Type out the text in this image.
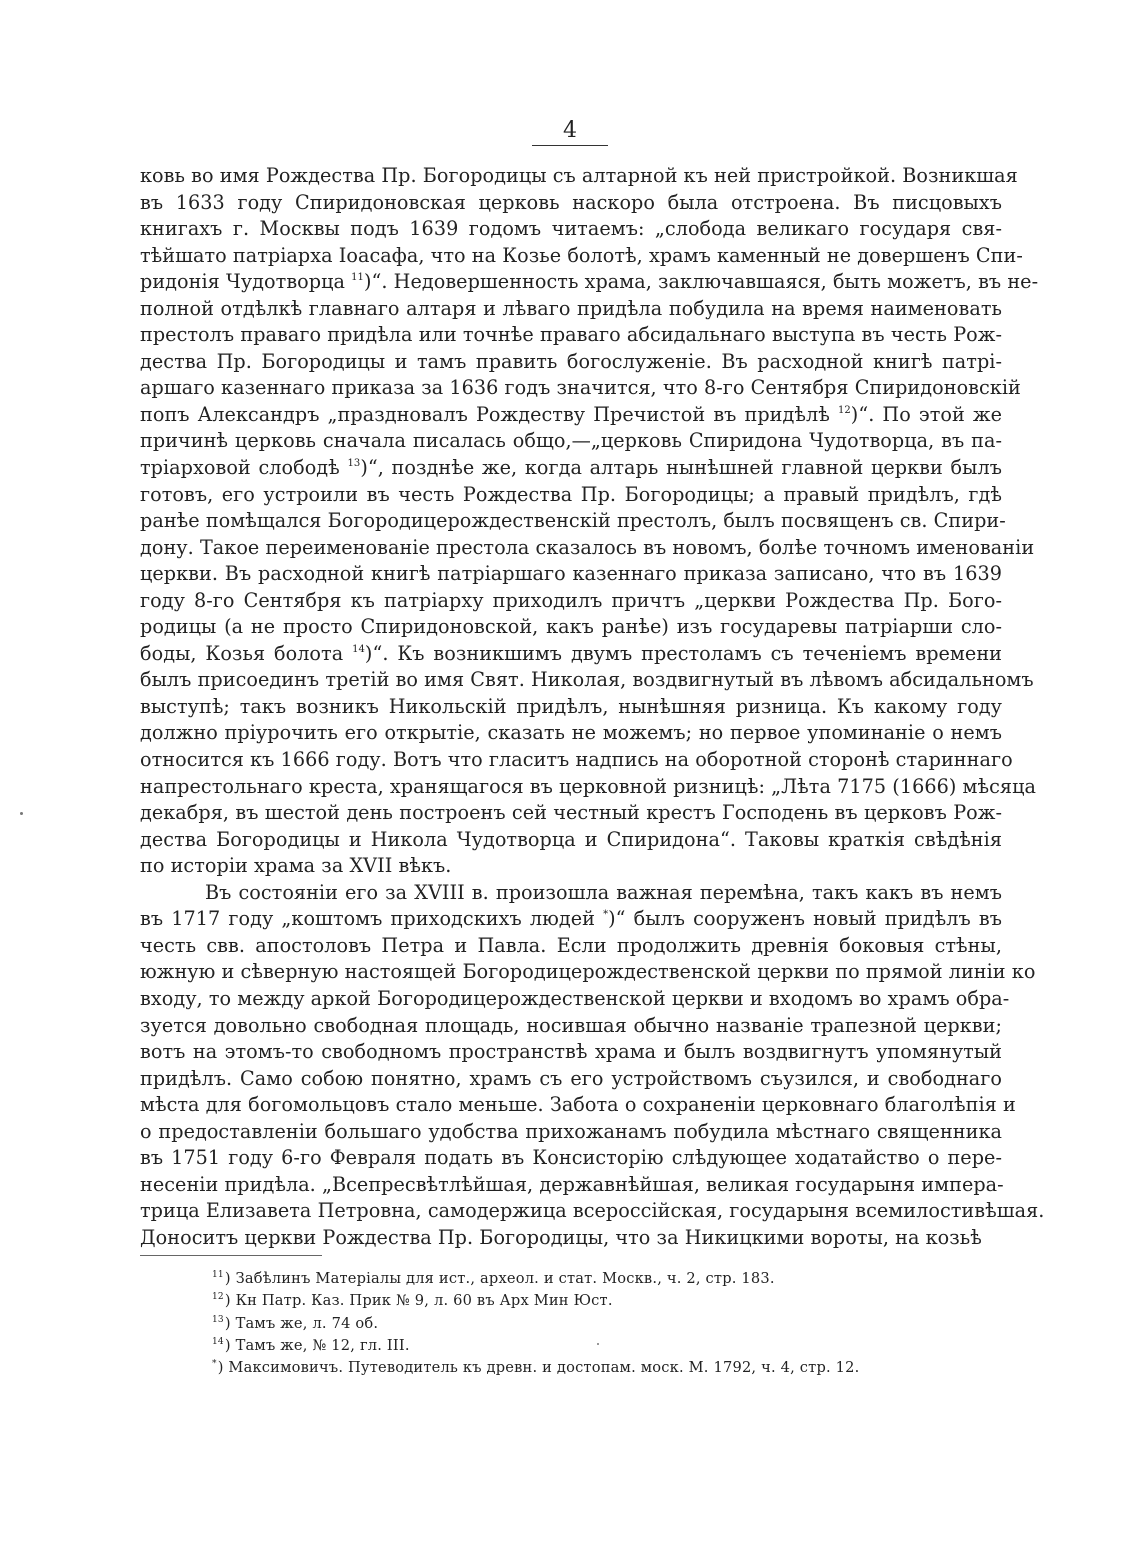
4
ковь во имя Рождества Пр. Богородицы съ алтарной къ ней пристройкой. Возникшая
въ 1633 году Спиридоновская церковь наскоро была отстроена. Въ писцовыхъ
книгахъ г. Москвы подъ 1639 годомъ читаемъ: „слобода великаго государя свя-
тѣйшато патріарха Іоасафа, что на Козье болотѣ, храмъ каменный не довершенъ Спи-
ридонія Чудотворца $^{11}$)“. Недовершенность храма, заключавшаяся, быть можетъ, въ не-
полной отдѣлкѣ главнаго алтаря и лѣваго придѣла побудила на время наименовать
престолъ праваго придѣла или точнѣе праваго абсидальнаго выступа въ честь Рож-
дества Пр. Богородицы и тамъ править богослуженіе. Въ расходной книгѣ патрі-
аршаго казеннаго приказа за 1636 годъ значится, что 8-го Сентября Спиридоновскій
попъ Александръ „праздновалъ Рождеству Пречистой въ придѣлѣ $^{12}$)“. По этой же
причинѣ церковь сначала писалась общо,—„церковь Спиридона Чудотворца, въ па-
тріарховой слободѣ $^{13}$)“, позднѣе же, когда алтарь нынѣшней главной церкви былъ
готовъ, его устроили въ честь Рождества Пр. Богородицы; а правый придѣлъ, гдѣ
ранѣе помѣщался Богородицерождественскій престолъ, былъ посвященъ св. Спири-
дону. Такое переименованіе престола сказалось въ новомъ, болѣе точномъ именованіи
церкви. Въ расходной книгѣ патріаршаго казеннаго приказа записано, что въ 1639
году 8-го Сентября къ патріарху приходилъ причтъ „церкви Рождества Пр. Бого-
родицы (а не просто Спиридоновской, какъ ранѣе) изъ государевы патріарши сло-
боды, Козья болота $^{14}$)“. Къ возникшимъ двумъ престоламъ съ теченіемъ времени
былъ присоединъ третій во имя Свят. Николая, воздвигнутый въ лѣвомъ абсидальномъ
выступѣ; такъ возникъ Никольскій придѣлъ, нынѣшняя ризница. Къ какому году
должно пріурочить его открытіе, сказать не можемъ; но первое упоминаніе о немъ
относится къ 1666 году. Вотъ что гласитъ надпись на оборотной сторонѣ стариннаго
напрестольнаго креста, хранящагося въ церковной ризницѣ: „Лѣта 7175 (1666) мѣсяца
декабря, въ шестой день построенъ сей честный крестъ Господень въ церковъ Рож-
дества Богородицы и Никола Чудотворца и Спиридона“. Таковы краткія свѣдѣнія
по исторіи храма за XVII вѣкъ.
Въ состояніи его за XVIII в. произошла важная перемѣна, такъ какъ въ немъ
въ 1717 году „коштомъ приходскихъ людей *)“ былъ сооруженъ новый придѣлъ въ
честь свв. апостоловъ Петра и Павла. Если продолжить древнія боковыя стѣны,
южную и сѣверную настоящей Богородицерождественской церкви по прямой линіи ко
входу, то между аркой Богородицерождественской церкви и входомъ во храмъ обра-
зуется довольно свободная площадь, носившая обычно названіе трапезной церкви;
вотъ на этомъ-то свободномъ пространствѣ храма и былъ воздвигнутъ упомянутый
придѣлъ. Само собою понятно, храмъ съ его устройствомъ съузился, и свободнаго
мѣста для богомольцовъ стало меньше. Забота о сохраненіи церковнаго благолѣпія и
о предоставленіи большаго удобства прихожанамъ побудила мѣстнаго священника
въ 1751 году 6-го Февраля подать въ Консисторію слѣдующее ходатайство о пере-
несеніи придѣла. „Всепресвѣтлѣйшая, державнѣйшая, великая государыня импера-
трица Елизавета Петровна, самодержица всероссійская, государыня всемилостивѣшая.
Доноситъ церкви Рождества Пр. Богородицы, что за Никицкими вороты, на козьѣ
$^{11}$) Забѣлинъ Матеріалы для ист., археол. и стат. Москв., ч. 2, стр. 183.
$^{12}$) Кн Патр. Каз. Прик № 9, л. 60 въ Арх Мин Юст.
$^{13}$) Тамъ же, л. 74 об.
$^{14}$) Тамъ же, № 12, гл. III.
*) Максимовичъ. Путеводитель къ древн. и достопам. моск. М. 1792, ч. 4, стр. 12.
